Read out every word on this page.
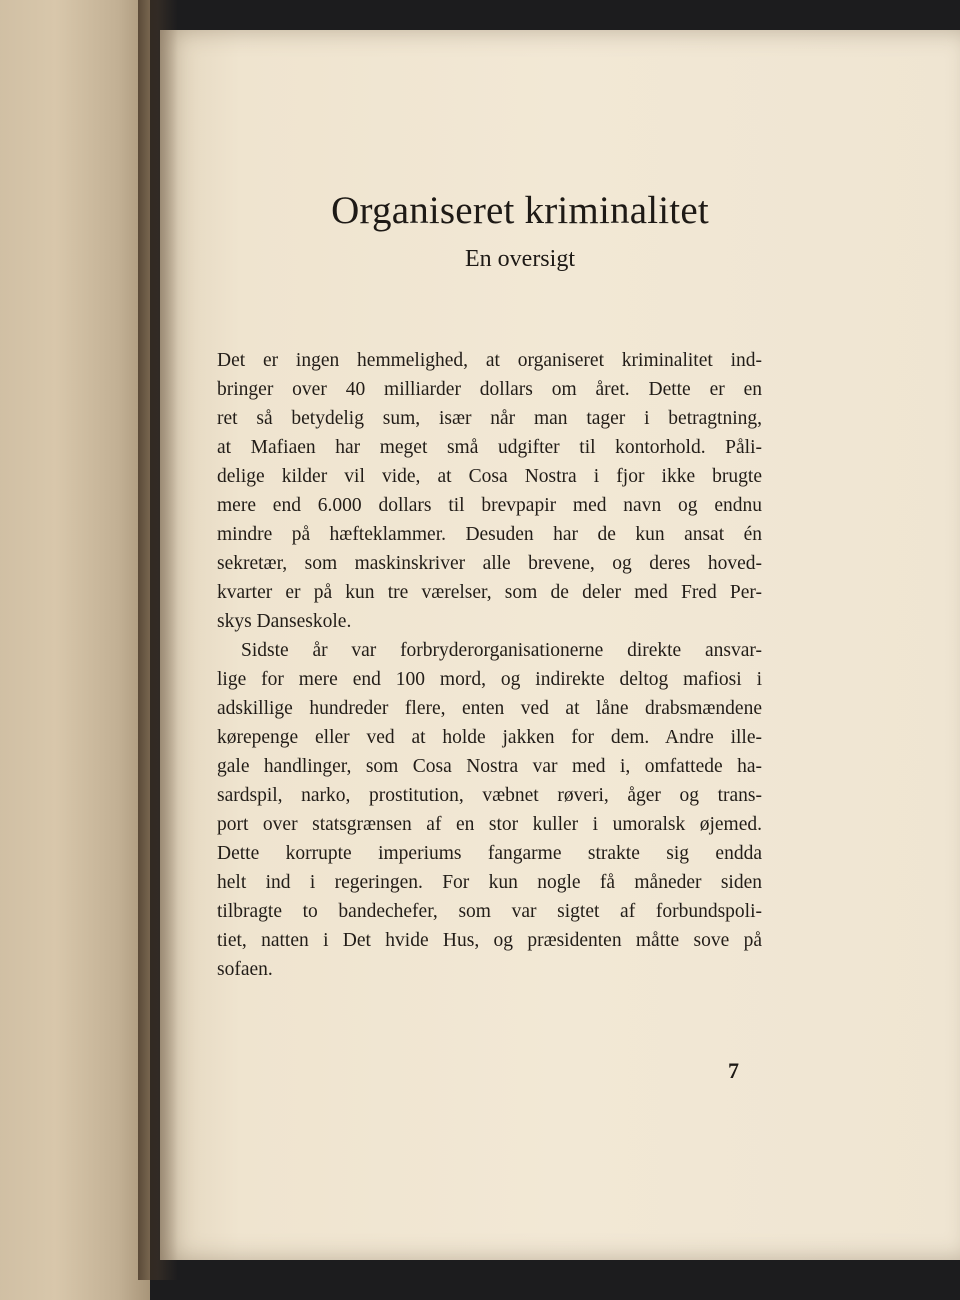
Organiseret kriminalitet
En oversigt
Det er ingen hemmelighed, at organiseret kriminalitet ind-
bringer over 40 milliarder dollars om året. Dette er en
ret så betydelig sum, især når man tager i betragtning,
at Mafiaen har meget små udgifter til kontorhold. Påli-
delige kilder vil vide, at Cosa Nostra i fjor ikke brugte
mere end 6.000 dollars til brevpapir med navn og endnu
mindre på hæfteklammer. Desuden har de kun ansat én
sekretær, som maskinskriver alle brevene, og deres hoved-
kvarter er på kun tre værelser, som de deler med Fred Per-
skys Danseskole.
Sidste år var forbryderorganisationerne direkte ansvar-
lige for mere end 100 mord, og indirekte deltog mafiosi i
adskillige hundreder flere, enten ved at låne drabsmændene
kørepenge eller ved at holde jakken for dem. Andre ille-
gale handlinger, som Cosa Nostra var med i, omfattede ha-
sardspil, narko, prostitution, væbnet røveri, åger og trans-
port over statsgrænsen af en stor kuller i umoralsk øjemed.
Dette korrupte imperiums fangarme strakte sig endda
helt ind i regeringen. For kun nogle få måneder siden
tilbragte to bandechefer, som var sigtet af forbundspoli-
tiet, natten i Det hvide Hus, og præsidenten måtte sove på
sofaen.
7
